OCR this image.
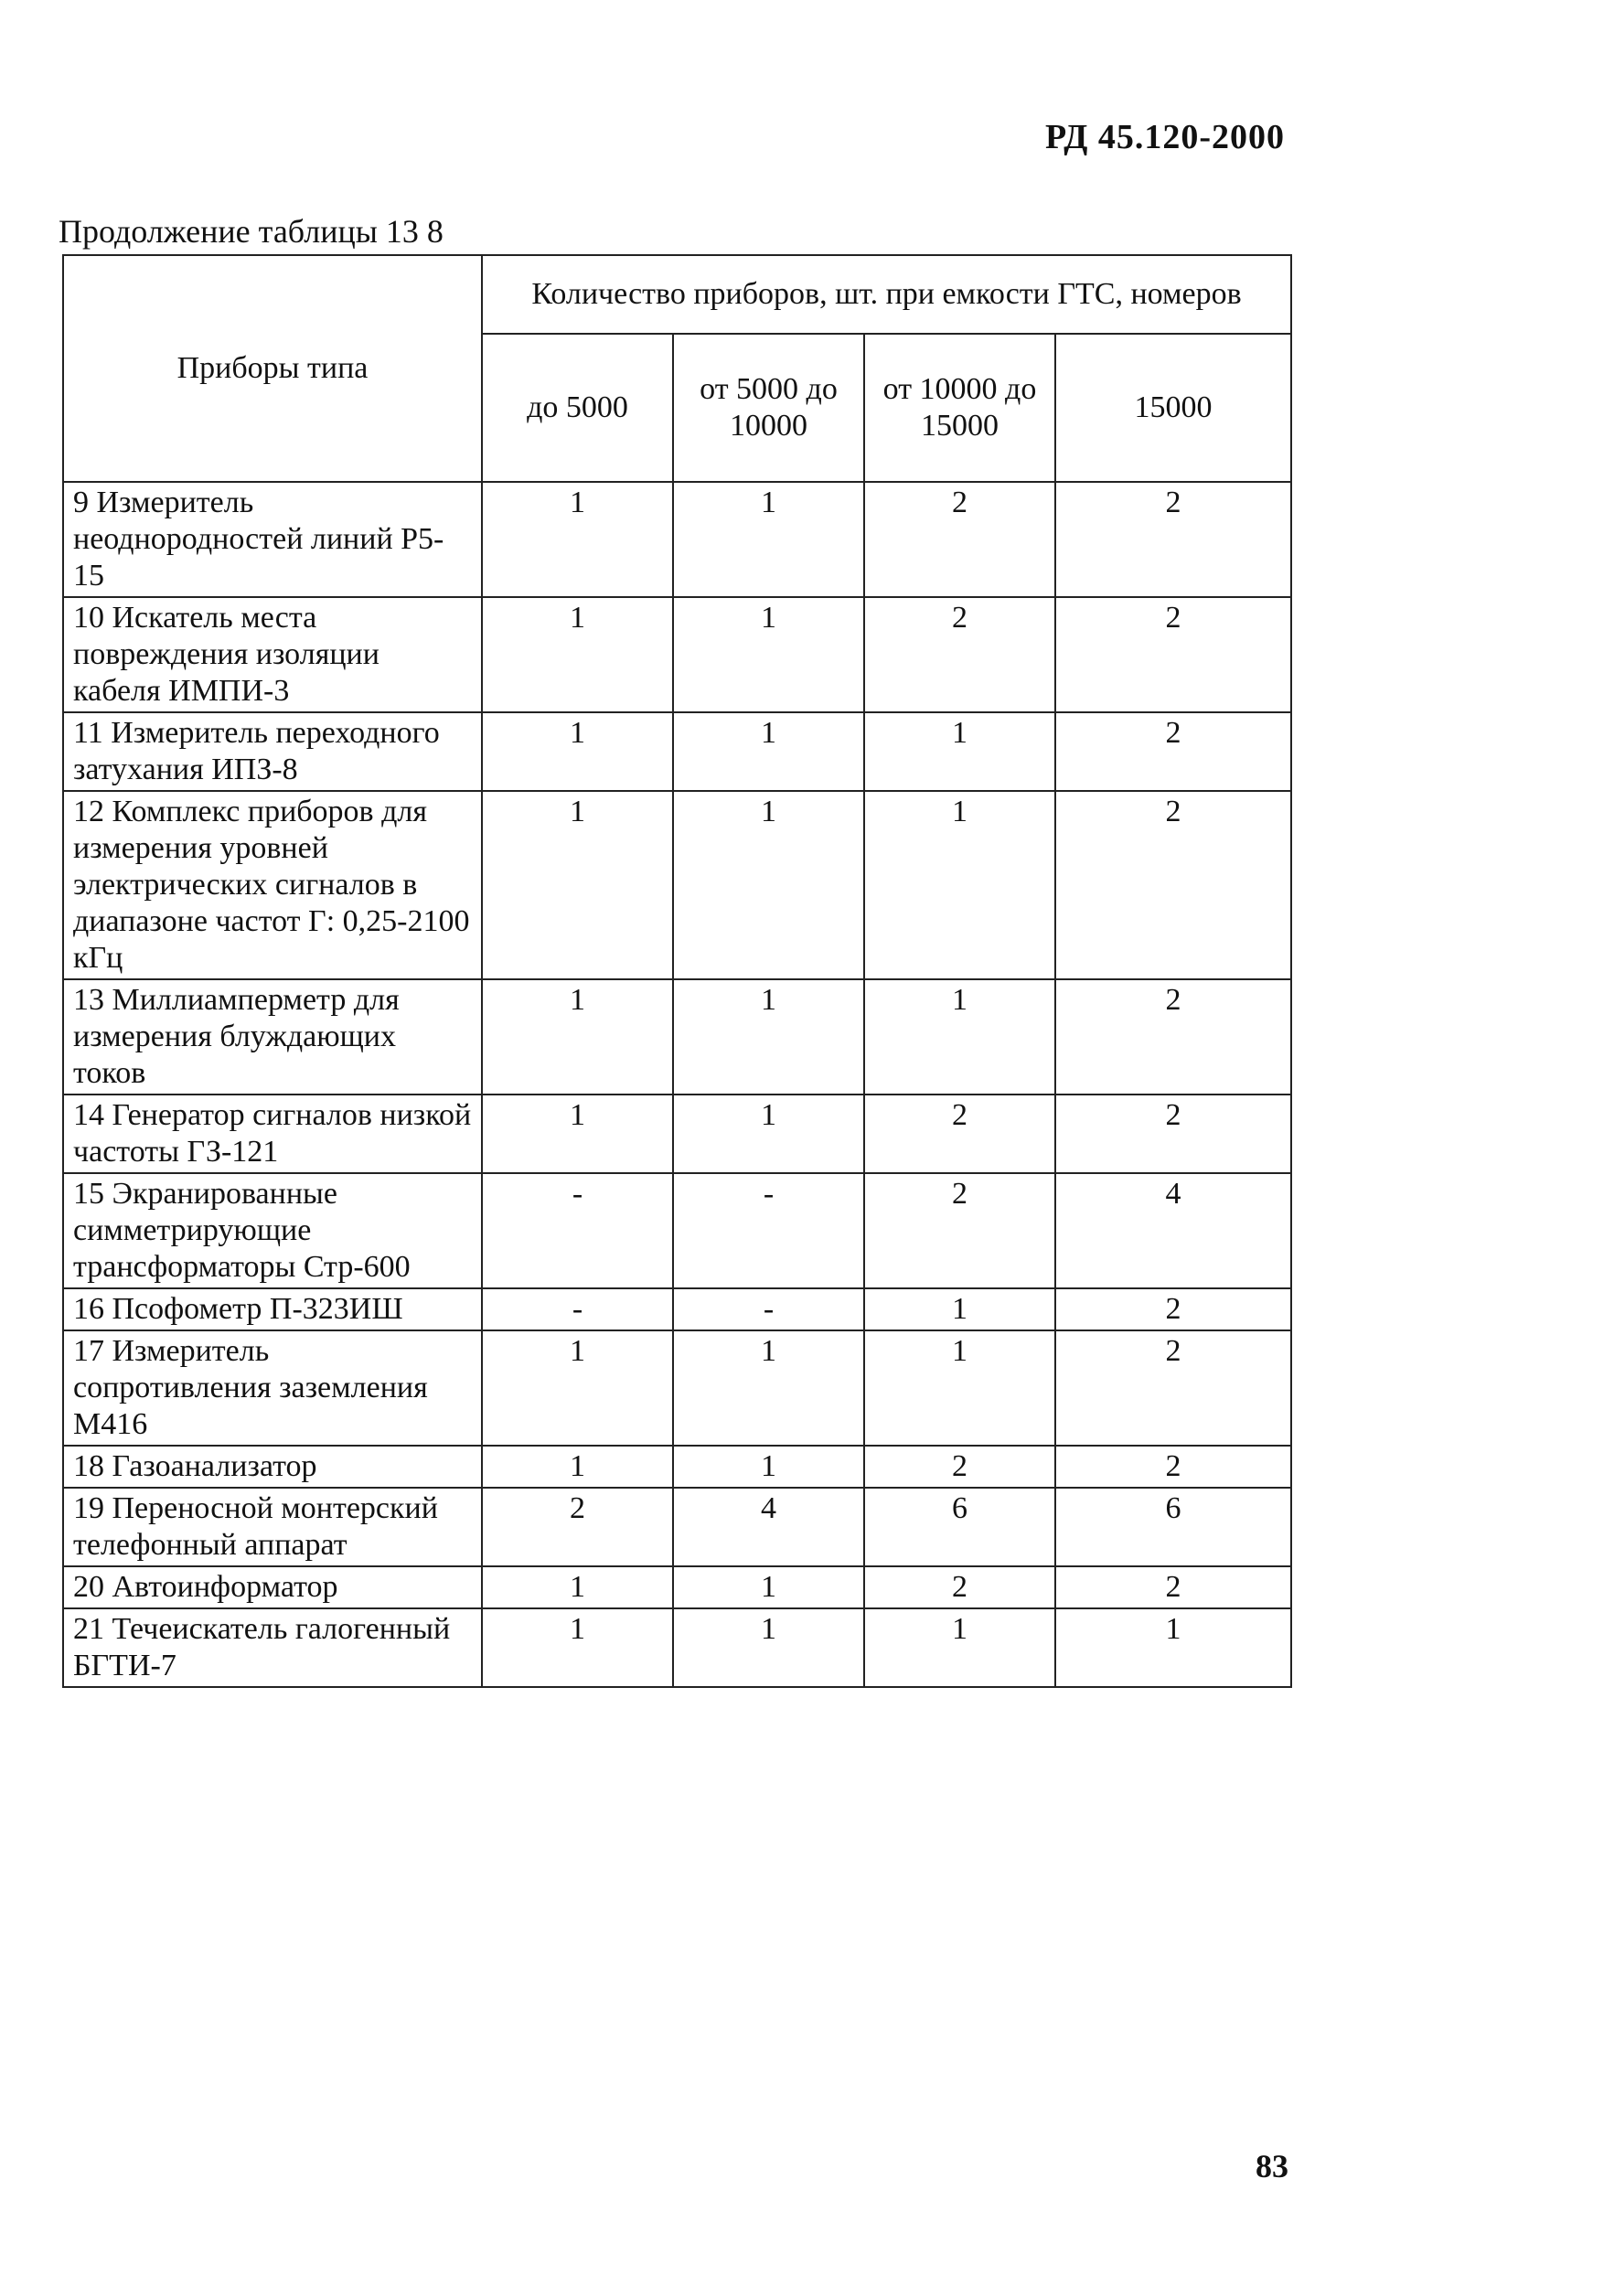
РД 45.120-2000
Продолжение таблицы 13 8
Приборы типа	Количество приборов, шт. при емкости ГТС, номеров			
	до 5000	от 5000 до 10000	от 10000 до 15000	15000
9 Измеритель неоднородностей линий Р5-15	1	1	2	2
10 Искатель места повреждения изоляции кабеля ИМПИ-3	1	1	2	2
11 Измеритель переходного затухания ИПЗ-8	1	1	1	2
12 Комплекс приборов для измерения уровней электрических сигналов в диапазоне частот Г: 0,25-2100 кГц	1	1	1	2
13 Миллиамперметр для измерения блуждающих токов	1	1	1	2
14 Генератор сигналов низкой частоты ГЗ-121	1	1	2	2
15 Экранированные симметрирующие трансформаторы Стр-600	-	-	2	4
16 Псофометр П-323ИШ	-	-	1	2
17 Измеритель сопротивления заземления М416	1	1	1	2
18 Газоанализатор	1	1	2	2
19 Переносной монтерский телефонный аппарат	2	4	6	6
20 Автоинформатор	1	1	2	2
21 Течеискатель галогенный БГТИ-7	1	1	1	1
83
